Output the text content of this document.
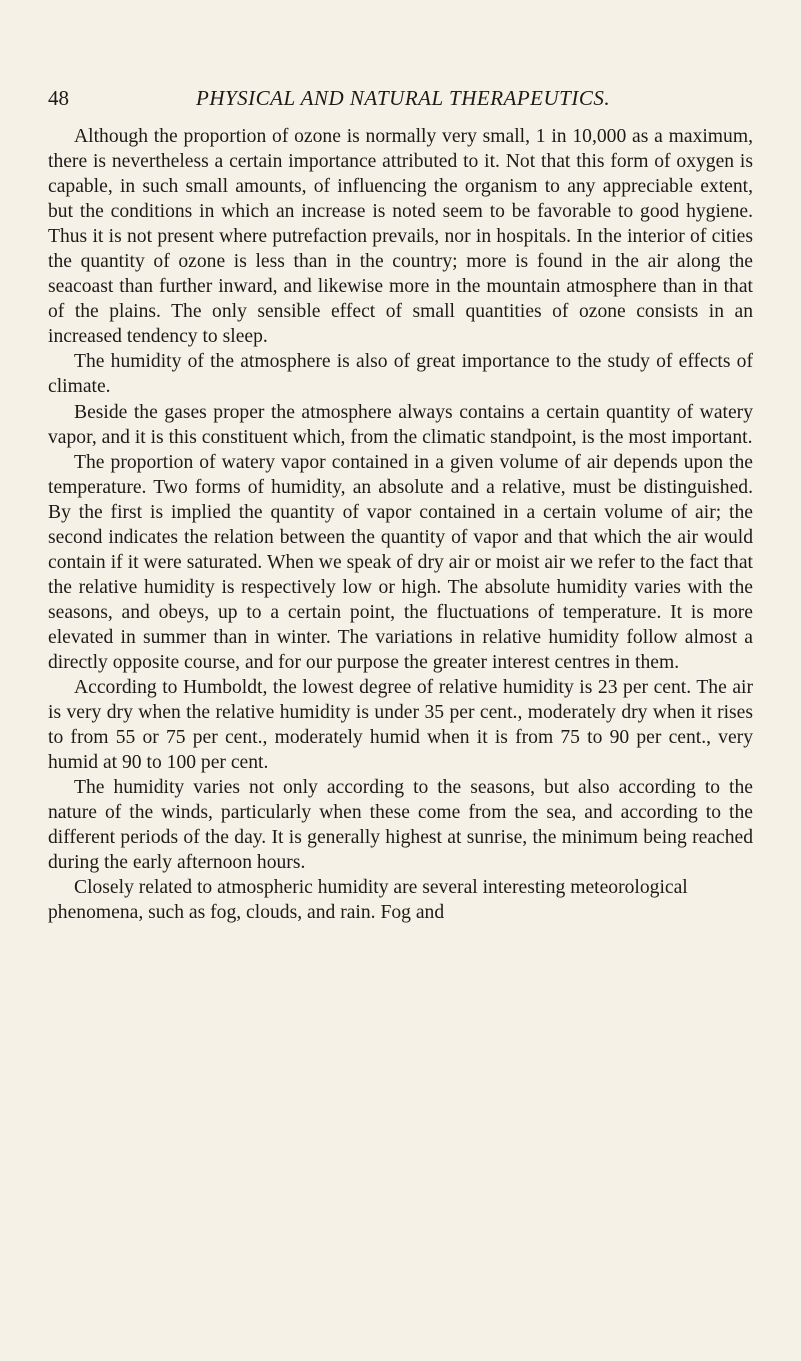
48	PHYSICAL AND NATURAL THERAPEUTICS.

Although the proportion of ozone is normally very small, 1 in 10,000 as a maximum, there is nevertheless a certain importance attributed to it. Not that this form of oxygen is capable, in such small amounts, of influencing the organism to any appreciable extent, but the conditions in which an increase is noted seem to be favorable to good hygiene. Thus it is not present where putrefaction prevails, nor in hospitals. In the interior of cities the quantity of ozone is less than in the country; more is found in the air along the seacoast than further inward, and likewise more in the mountain atmosphere than in that of the plains. The only sensible effect of small quantities of ozone consists in an increased tendency to sleep.

The humidity of the atmosphere is also of great importance to the study of effects of climate.

Beside the gases proper the atmosphere always contains a certain quantity of watery vapor, and it is this constituent which, from the climatic standpoint, is the most important.

The proportion of watery vapor contained in a given volume of air depends upon the temperature. Two forms of humidity, an absolute and a relative, must be distinguished. By the first is implied the quantity of vapor contained in a certain volume of air; the second indicates the relation between the quantity of vapor and that which the air would contain if it were saturated. When we speak of dry air or moist air we refer to the fact that the relative humidity is respectively low or high. The absolute humidity varies with the seasons, and obeys, up to a certain point, the fluctuations of temperature. It is more elevated in summer than in winter. The variations in relative humidity follow almost a directly opposite course, and for our purpose the greater interest centres in them.

According to Humboldt, the lowest degree of relative humidity is 23 per cent. The air is very dry when the relative humidity is under 35 per cent., moderately dry when it rises to from 55 or 75 per cent., moderately humid when it is from 75 to 90 per cent., very humid at 90 to 100 per cent.

The humidity varies not only according to the seasons, but also according to the nature of the winds, particularly when these come from the sea, and according to the different periods of the day. It is generally highest at sunrise, the minimum being reached during the early afternoon hours.

Closely related to atmospheric humidity are several interesting meteorological phenomena, such as fog, clouds, and rain. Fog and
